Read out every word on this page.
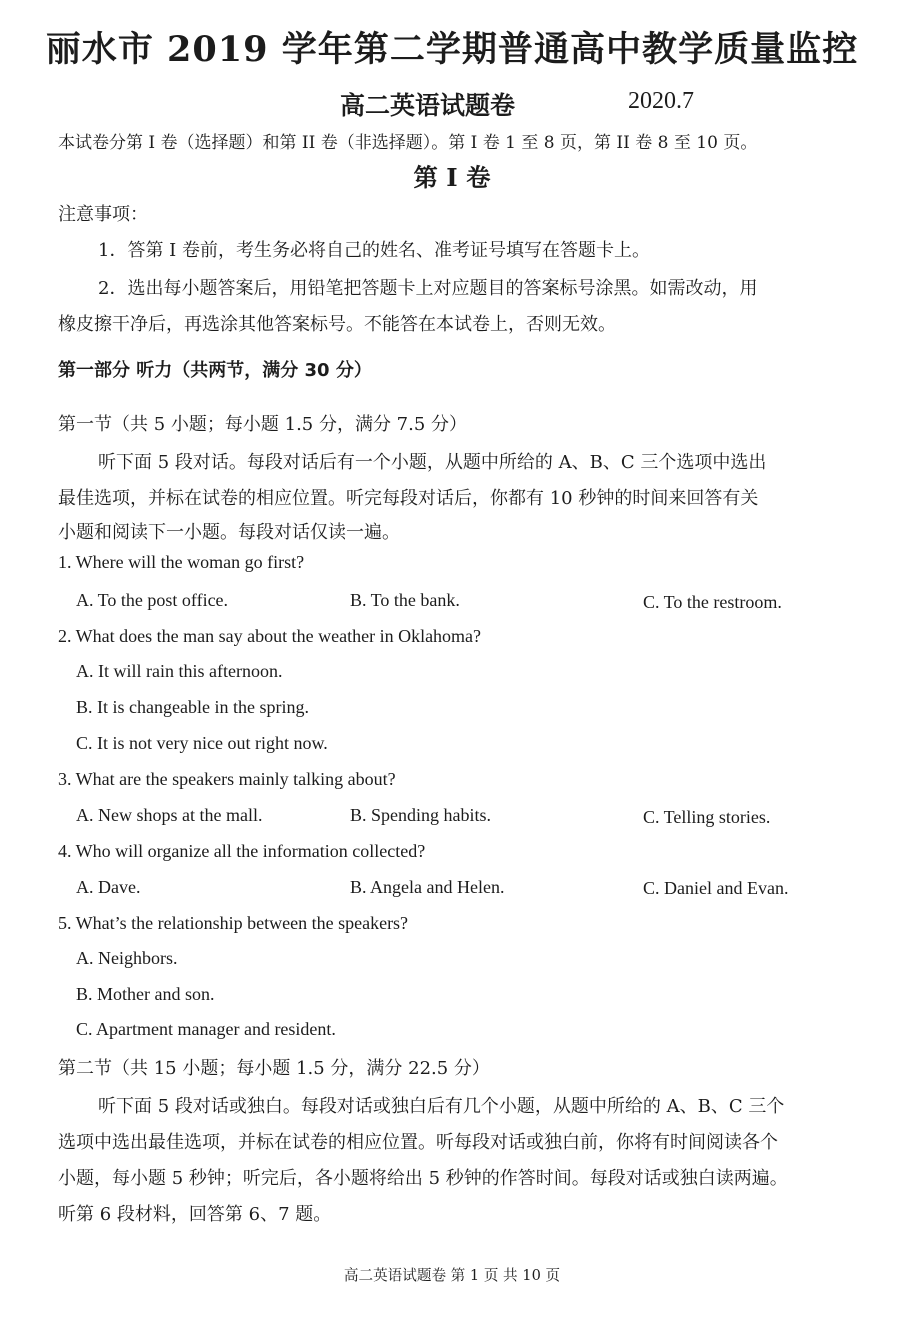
丽水市 2019 学年第二学期普通高中教学质量监控
高二英语试题卷	2020.7
本试卷分第 I 卷（选择题）和第 II 卷（非选择题）。第 I 卷 1 至 8 页，第 II 卷 8 至 10 页。
第 I 卷
注意事项：
1．答第 I 卷前，考生务必将自己的姓名、准考证号填写在答题卡上。
2．选出每小题答案后，用铅笔把答题卡上对应题目的答案标号涂黑。如需改动，用
橡皮擦干净后，再选涂其他答案标号。不能答在本试卷上，否则无效。
第一部分 听力（共两节，满分 30 分）
第一节（共 5 小题；每小题 1.5 分，满分 7.5 分）
听下面 5 段对话。每段对话后有一个小题，从题中所给的 A、B、C 三个选项中选出
最佳选项，并标在试卷的相应位置。听完每段对话后，你都有 10 秒钟的时间来回答有关
小题和阅读下一小题。每段对话仅读一遍。
1. Where will the woman go first?
A. To the post office.	B. To the bank.	C. To the restroom.
2. What does the man say about the weather in Oklahoma?
A. It will rain this afternoon.
B. It is changeable in the spring.
C. It is not very nice out right now.
3. What are the speakers mainly talking about?
A. New shops at the mall.	B. Spending habits.	C. Telling stories.
4. Who will organize all the information collected?
A. Dave.	B. Angela and Helen.	C. Daniel and Evan.
5. What’s the relationship between the speakers?
A. Neighbors.
B. Mother and son.
C. Apartment manager and resident.
第二节（共 15 小题；每小题 1.5 分，满分 22.5 分）
听下面 5 段对话或独白。每段对话或独白后有几个小题，从题中所给的 A、B、C 三个
选项中选出最佳选项，并标在试卷的相应位置。听每段对话或独白前，你将有时间阅读各个
小题，每小题 5 秒钟；听完后，各小题将给出 5 秒钟的作答时间。每段对话或独白读两遍。
听第 6 段材料，回答第 6、7 题。
高二英语试题卷 第 1 页 共 10 页
